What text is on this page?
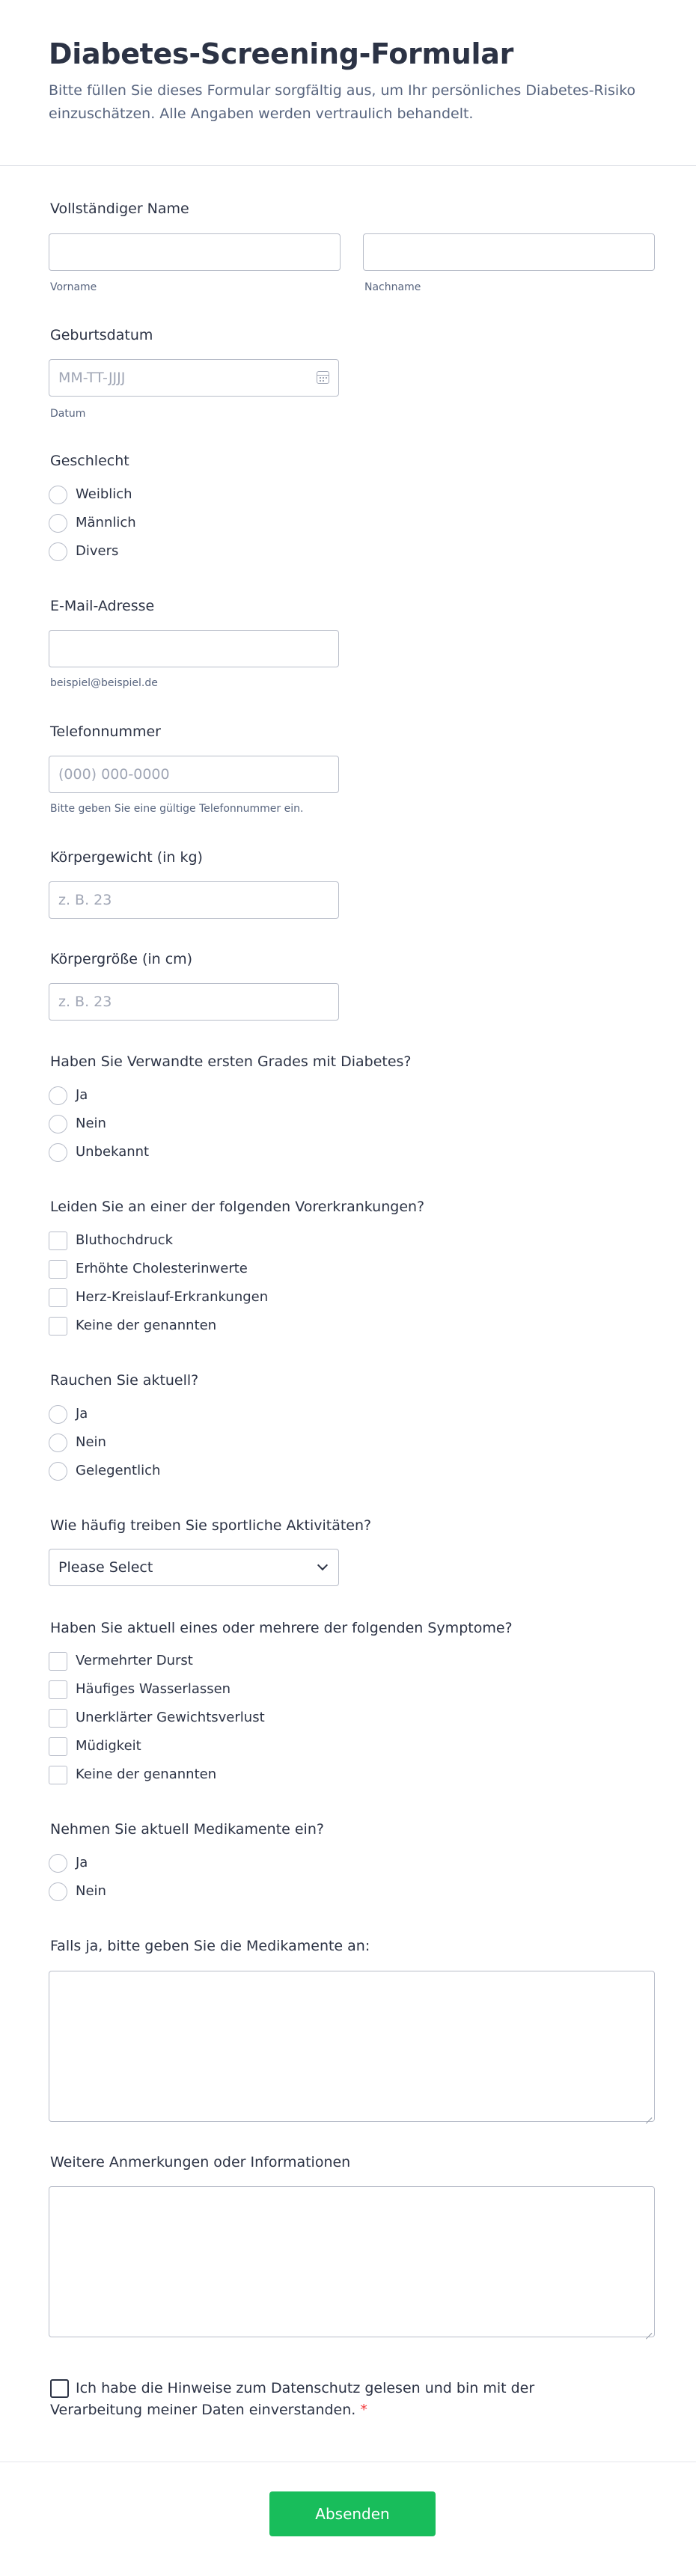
Diabetes-Screening-Formular
Bitte füllen Sie dieses Formular sorgfältig aus, um Ihr persönliches Diabetes-Risiko einzuschätzen. Alle Angaben werden vertraulich behandelt.
Vollständiger Name
Vorname	Nachname
Geburtsdatum
MM-TT-JJJJ
Datum
Geschlecht
Weiblich
Männlich
Divers
E-Mail-Adresse
beispiel@beispiel.de
Telefonnummer
(000) 000-0000
Bitte geben Sie eine gültige Telefonnummer ein.
Körpergewicht (in kg)
z. B. 23
Körpergröße (in cm)
z. B. 23
Haben Sie Verwandte ersten Grades mit Diabetes?
Ja
Nein
Unbekannt
Leiden Sie an einer der folgenden Vorerkrankungen?
Bluthochdruck
Erhöhte Cholesterinwerte
Herz-Kreislauf-Erkrankungen
Keine der genannten
Rauchen Sie aktuell?
Ja
Nein
Gelegentlich
Wie häufig treiben Sie sportliche Aktivitäten?
Please Select
Haben Sie aktuell eines oder mehrere der folgenden Symptome?
Vermehrter Durst
Häufiges Wasserlassen
Unerklärter Gewichtsverlust
Müdigkeit
Keine der genannten
Nehmen Sie aktuell Medikamente ein?
Ja
Nein
Falls ja, bitte geben Sie die Medikamente an:
Weitere Anmerkungen oder Informationen
Ich habe die Hinweise zum Datenschutz gelesen und bin mit der Verarbeitung meiner Daten einverstanden. *
Absenden
